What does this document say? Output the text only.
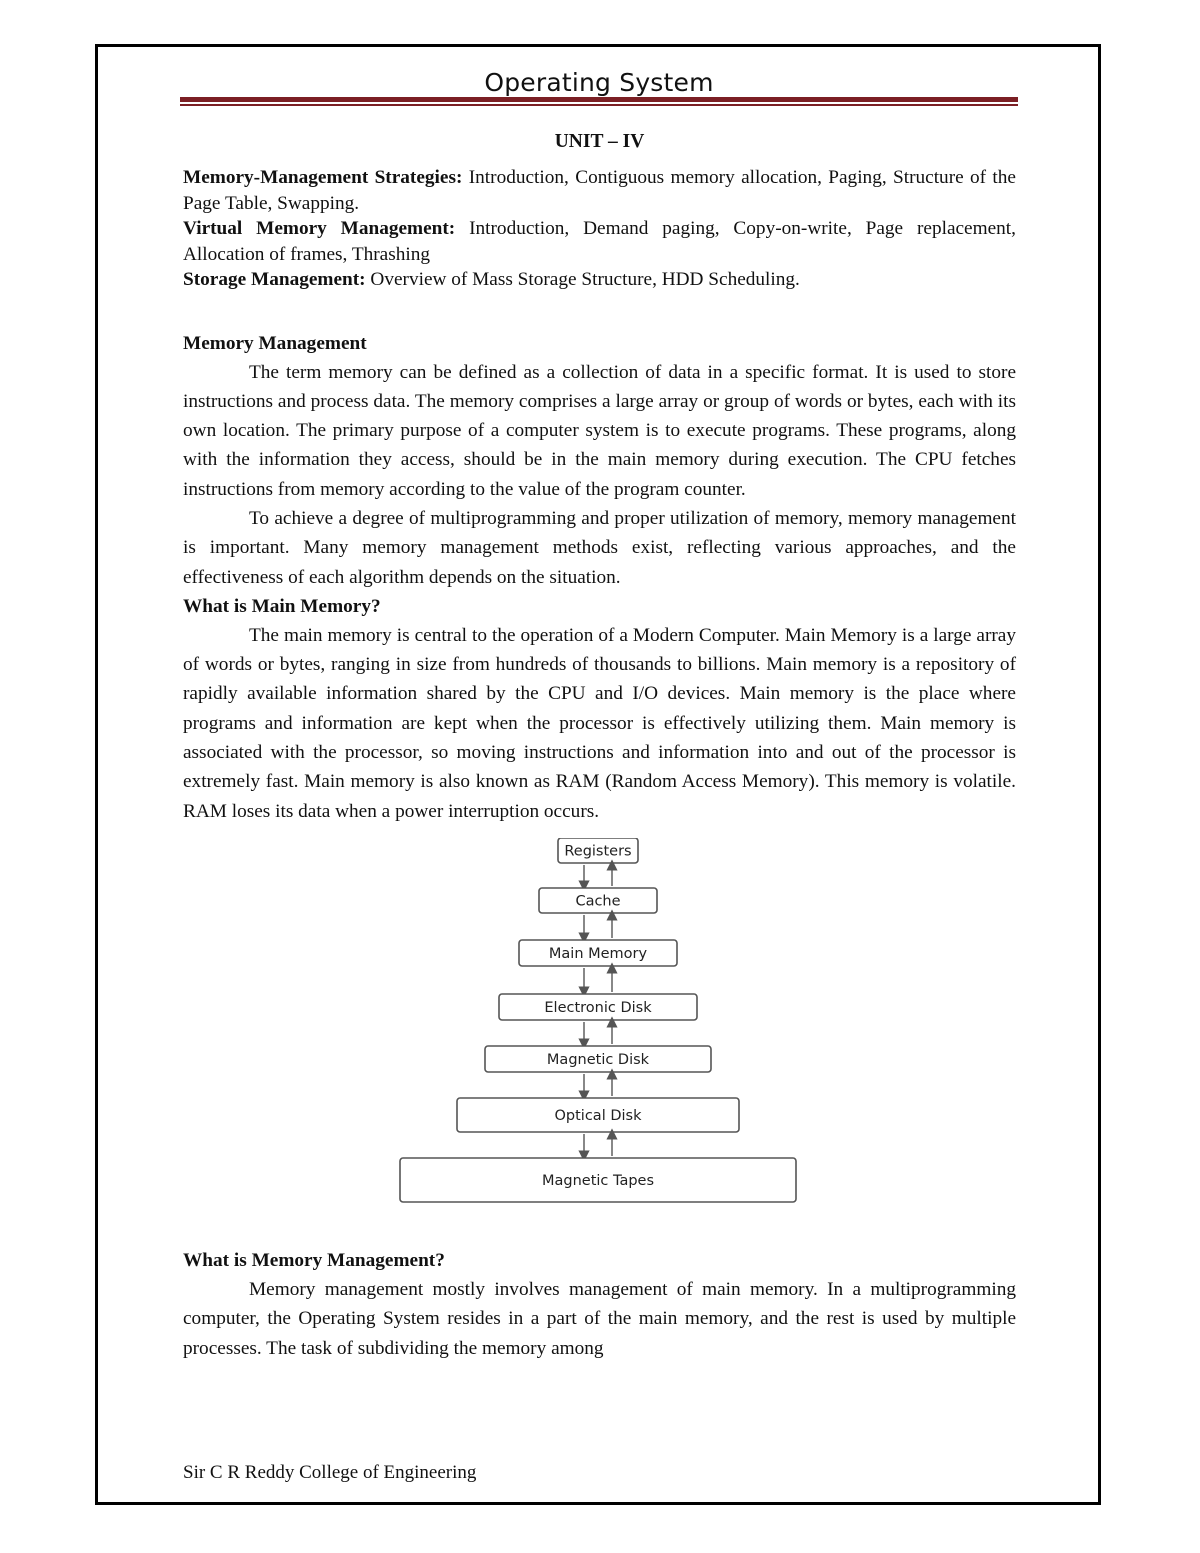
Operating System

UNIT – IV

Memory-Management Strategies: Introduction, Contiguous memory allocation, Paging, Structure of the Page Table, Swapping.

Virtual Memory Management: Introduction, Demand paging, Copy-on-write, Page replacement, Allocation of frames, Thrashing

Storage Management: Overview of Mass Storage Structure, HDD Scheduling.

Memory Management

The term memory can be defined as a collection of data in a specific format. It is used to store instructions and process data. The memory comprises a large array or group of words or bytes, each with its own location. The primary purpose of a computer system is to execute programs. These programs, along with the information they access, should be in the main memory during execution. The CPU fetches instructions from memory according to the value of the program counter.

To achieve a degree of multiprogramming and proper utilization of memory, memory management is important. Many memory management methods exist, reflecting various approaches, and the effectiveness of each algorithm depends on the situation.

What is Main Memory?

The main memory is central to the operation of a Modern Computer. Main Memory is a large array of words or bytes, ranging in size from hundreds of thousands to billions. Main memory is a repository of rapidly available information shared by the CPU and I/O devices. Main memory is the place where programs and information are kept when the processor is effectively utilizing them. Main memory is associated with the processor, so moving instructions and information into and out of the processor is extremely fast. Main memory is also known as RAM (Random Access Memory). This memory is volatile. RAM loses its data when a power interruption occurs.

Registers
Cache
Main Memory
Electronic Disk
Magnetic Disk
Optical Disk
Magnetic Tapes

What is Memory Management?

Memory management mostly involves management of main memory. In a multiprogramming computer, the Operating System resides in a part of the main memory, and the rest is used by multiple processes. The task of subdividing the memory among

Sir C R Reddy College of Engineering
